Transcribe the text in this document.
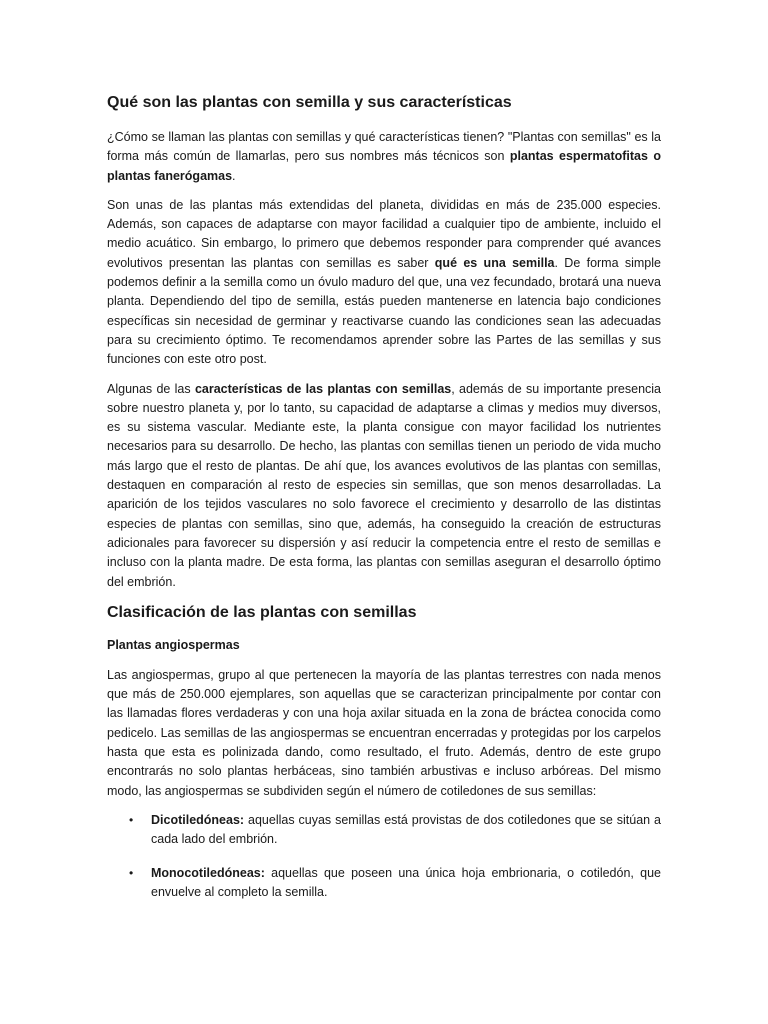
Qué son las plantas con semilla y sus características

¿Cómo se llaman las plantas con semillas y qué características tienen? "Plantas con semillas" es la forma más común de llamarlas, pero sus nombres más técnicos son plantas espermatofitas o plantas fanerógamas.

Son unas de las plantas más extendidas del planeta, divididas en más de 235.000 especies. Además, son capaces de adaptarse con mayor facilidad a cualquier tipo de ambiente, incluido el medio acuático. Sin embargo, lo primero que debemos responder para comprender qué avances evolutivos presentan las plantas con semillas es saber qué es una semilla. De forma simple podemos definir a la semilla como un óvulo maduro del que, una vez fecundado, brotará una nueva planta. Dependiendo del tipo de semilla, estás pueden mantenerse en latencia bajo condiciones específicas sin necesidad de germinar y reactivarse cuando las condiciones sean las adecuadas para su crecimiento óptimo. Te recomendamos aprender sobre las Partes de las semillas y sus funciones con este otro post.

Algunas de las características de las plantas con semillas, además de su importante presencia sobre nuestro planeta y, por lo tanto, su capacidad de adaptarse a climas y medios muy diversos, es su sistema vascular. Mediante este, la planta consigue con mayor facilidad los nutrientes necesarios para su desarrollo. De hecho, las plantas con semillas tienen un periodo de vida mucho más largo que el resto de plantas. De ahí que, los avances evolutivos de las plantas con semillas, destaquen en comparación al resto de especies sin semillas, que son menos desarrolladas. La aparición de los tejidos vasculares no solo favorece el crecimiento y desarrollo de las distintas especies de plantas con semillas, sino que, además, ha conseguido la creación de estructuras adicionales para favorecer su dispersión y así reducir la competencia entre el resto de semillas e incluso con la planta madre. De esta forma, las plantas con semillas aseguran el desarrollo óptimo del embrión.

Clasificación de las plantas con semillas
Plantas angiospermas

Las angiospermas, grupo al que pertenecen la mayoría de las plantas terrestres con nada menos que más de 250.000 ejemplares, son aquellas que se caracterizan principalmente por contar con las llamadas flores verdaderas y con una hoja axilar situada en la zona de bráctea conocida como pedicelo. Las semillas de las angiospermas se encuentran encerradas y protegidas por los carpelos hasta que esta es polinizada dando, como resultado, el fruto. Además, dentro de este grupo encontrarás no solo plantas herbáceas, sino también arbustivas e incluso arbóreas. Del mismo modo, las angiospermas se subdividen según el número de cotiledones de sus semillas:

• Dicotiledóneas: aquellas cuyas semillas está provistas de dos cotiledones que se sitúan a cada lado del embrión.
• Monocotiledóneas: aquellas que poseen una única hoja embrionaria, o cotiledón, que envuelve al completo la semilla.
